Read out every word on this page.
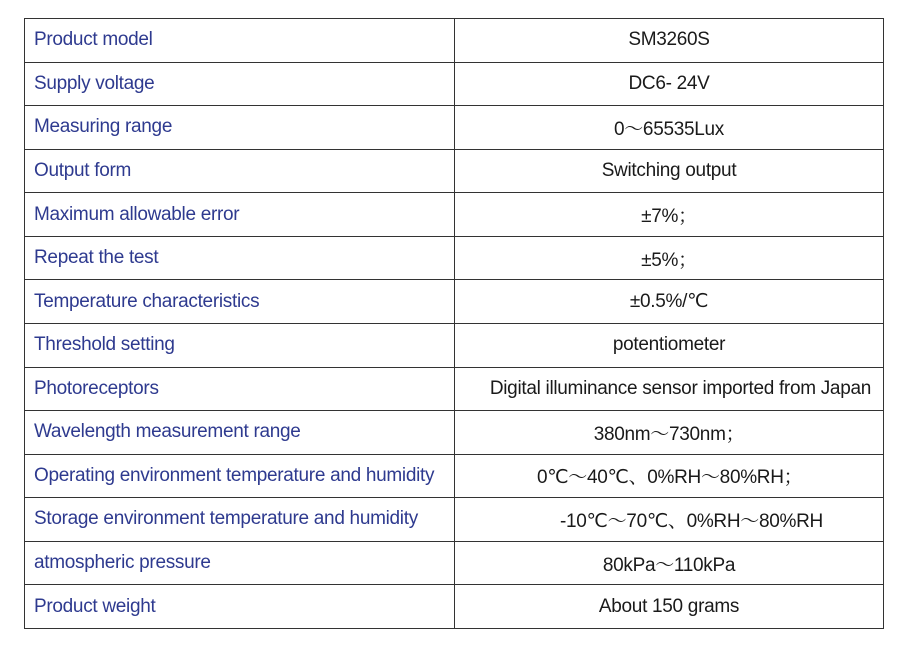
Product model	SM3260S
Supply voltage	DC6- 24V
Measuring range	0～65535Lux
Output form	Switching output
Maximum allowable error	±7%；
Repeat the test	±5%；
Temperature characteristics	±0.5%/℃
Threshold setting	potentiometer
Photoreceptors	Digital illuminance sensor imported from Japan
Wavelength measurement range	380nm～730nm；
Operating environment temperature and humidity	0℃～40℃、0%RH～80%RH；
Storage environment temperature and humidity	-10℃～70℃、0%RH～80%RH
atmospheric pressure	80kPa～110kPa
Product weight	About 150 grams
